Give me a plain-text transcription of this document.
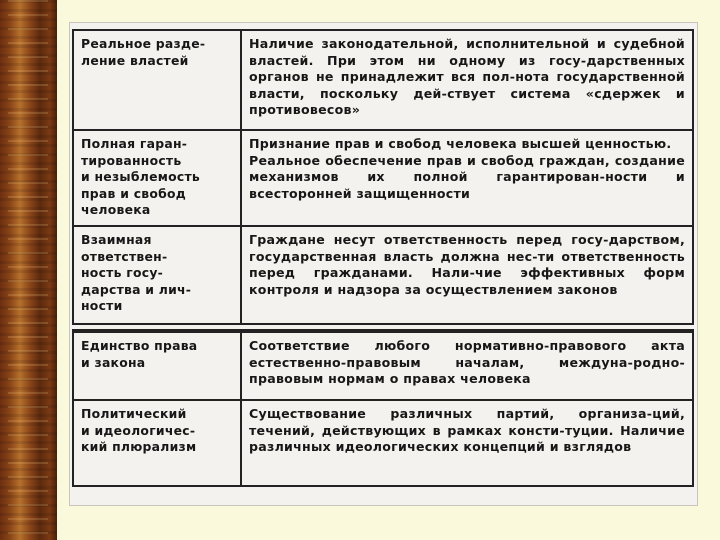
Реальное разде-
ление властей	Наличие законодательной, исполнительной и судебной властей. При этом ни одному из госу-дарственных органов не принадлежит вся пол-нота государственной власти, поскольку дей-ствует система «сдержек и противовесов»
Полная гаран-
тированность
и незыблемость
прав и свобод
человека	Признание прав и свобод человека высшей ценностью.
Реальное обеспечение прав и свобод граждан, создание механизмов их полной гарантирован-ности и всесторонней защищенности
Взаимная
ответствен-
ность госу-
дарства и лич-
ности	Граждане несут ответственность перед госу-дарством, государственная власть должна нес-ти ответственность перед гражданами. Нали-чие эффективных форм контроля и надзора за осуществлением законов

Единство права
и закона	Соответствие любого нормативно-правового акта естественно-правовым началам, междуна-родно-правовым нормам о правах человека
Политический
и идеологичес-
кий плюрализм	Существование различных партий, организа-ций, течений, действующих в рамках консти-туции. Наличие различных идеологических концепций и взглядов
